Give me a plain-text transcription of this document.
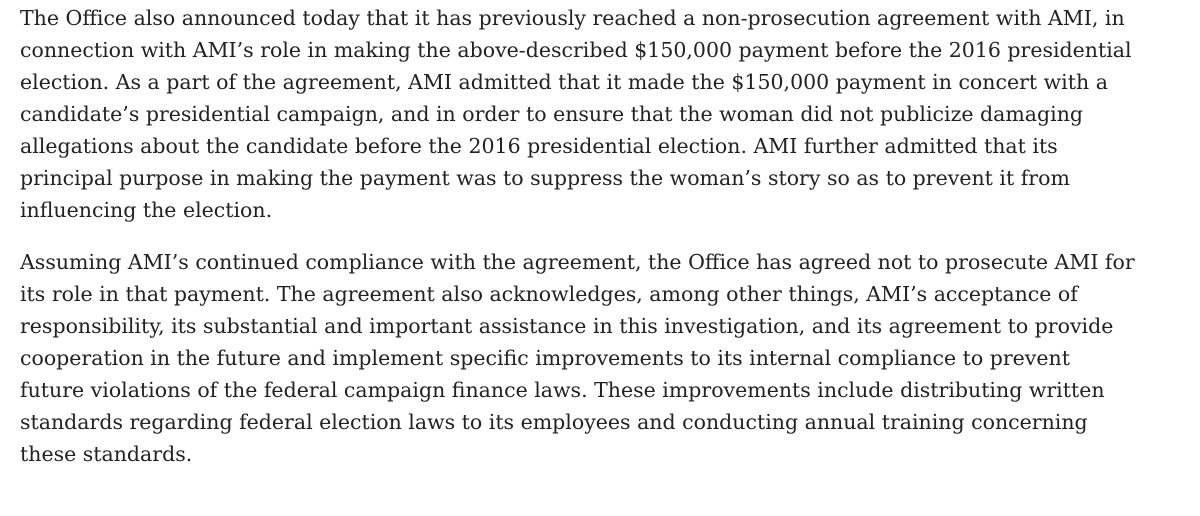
The Office also announced today that it has previously reached a non-prosecution agreement with AMI, in
connection with AMI’s role in making the above-described $150,000 payment before the 2016 presidential
election. As a part of the agreement, AMI admitted that it made the $150,000 payment in concert with a
candidate’s presidential campaign, and in order to ensure that the woman did not publicize damaging
allegations about the candidate before the 2016 presidential election. AMI further admitted that its
principal purpose in making the payment was to suppress the woman’s story so as to prevent it from
influencing the election.
Assuming AMI’s continued compliance with the agreement, the Office has agreed not to prosecute AMI for
its role in that payment. The agreement also acknowledges, among other things, AMI’s acceptance of
responsibility, its substantial and important assistance in this investigation, and its agreement to provide
cooperation in the future and implement specific improvements to its internal compliance to prevent
future violations of the federal campaign finance laws. These improvements include distributing written
standards regarding federal election laws to its employees and conducting annual training concerning
these standards.
